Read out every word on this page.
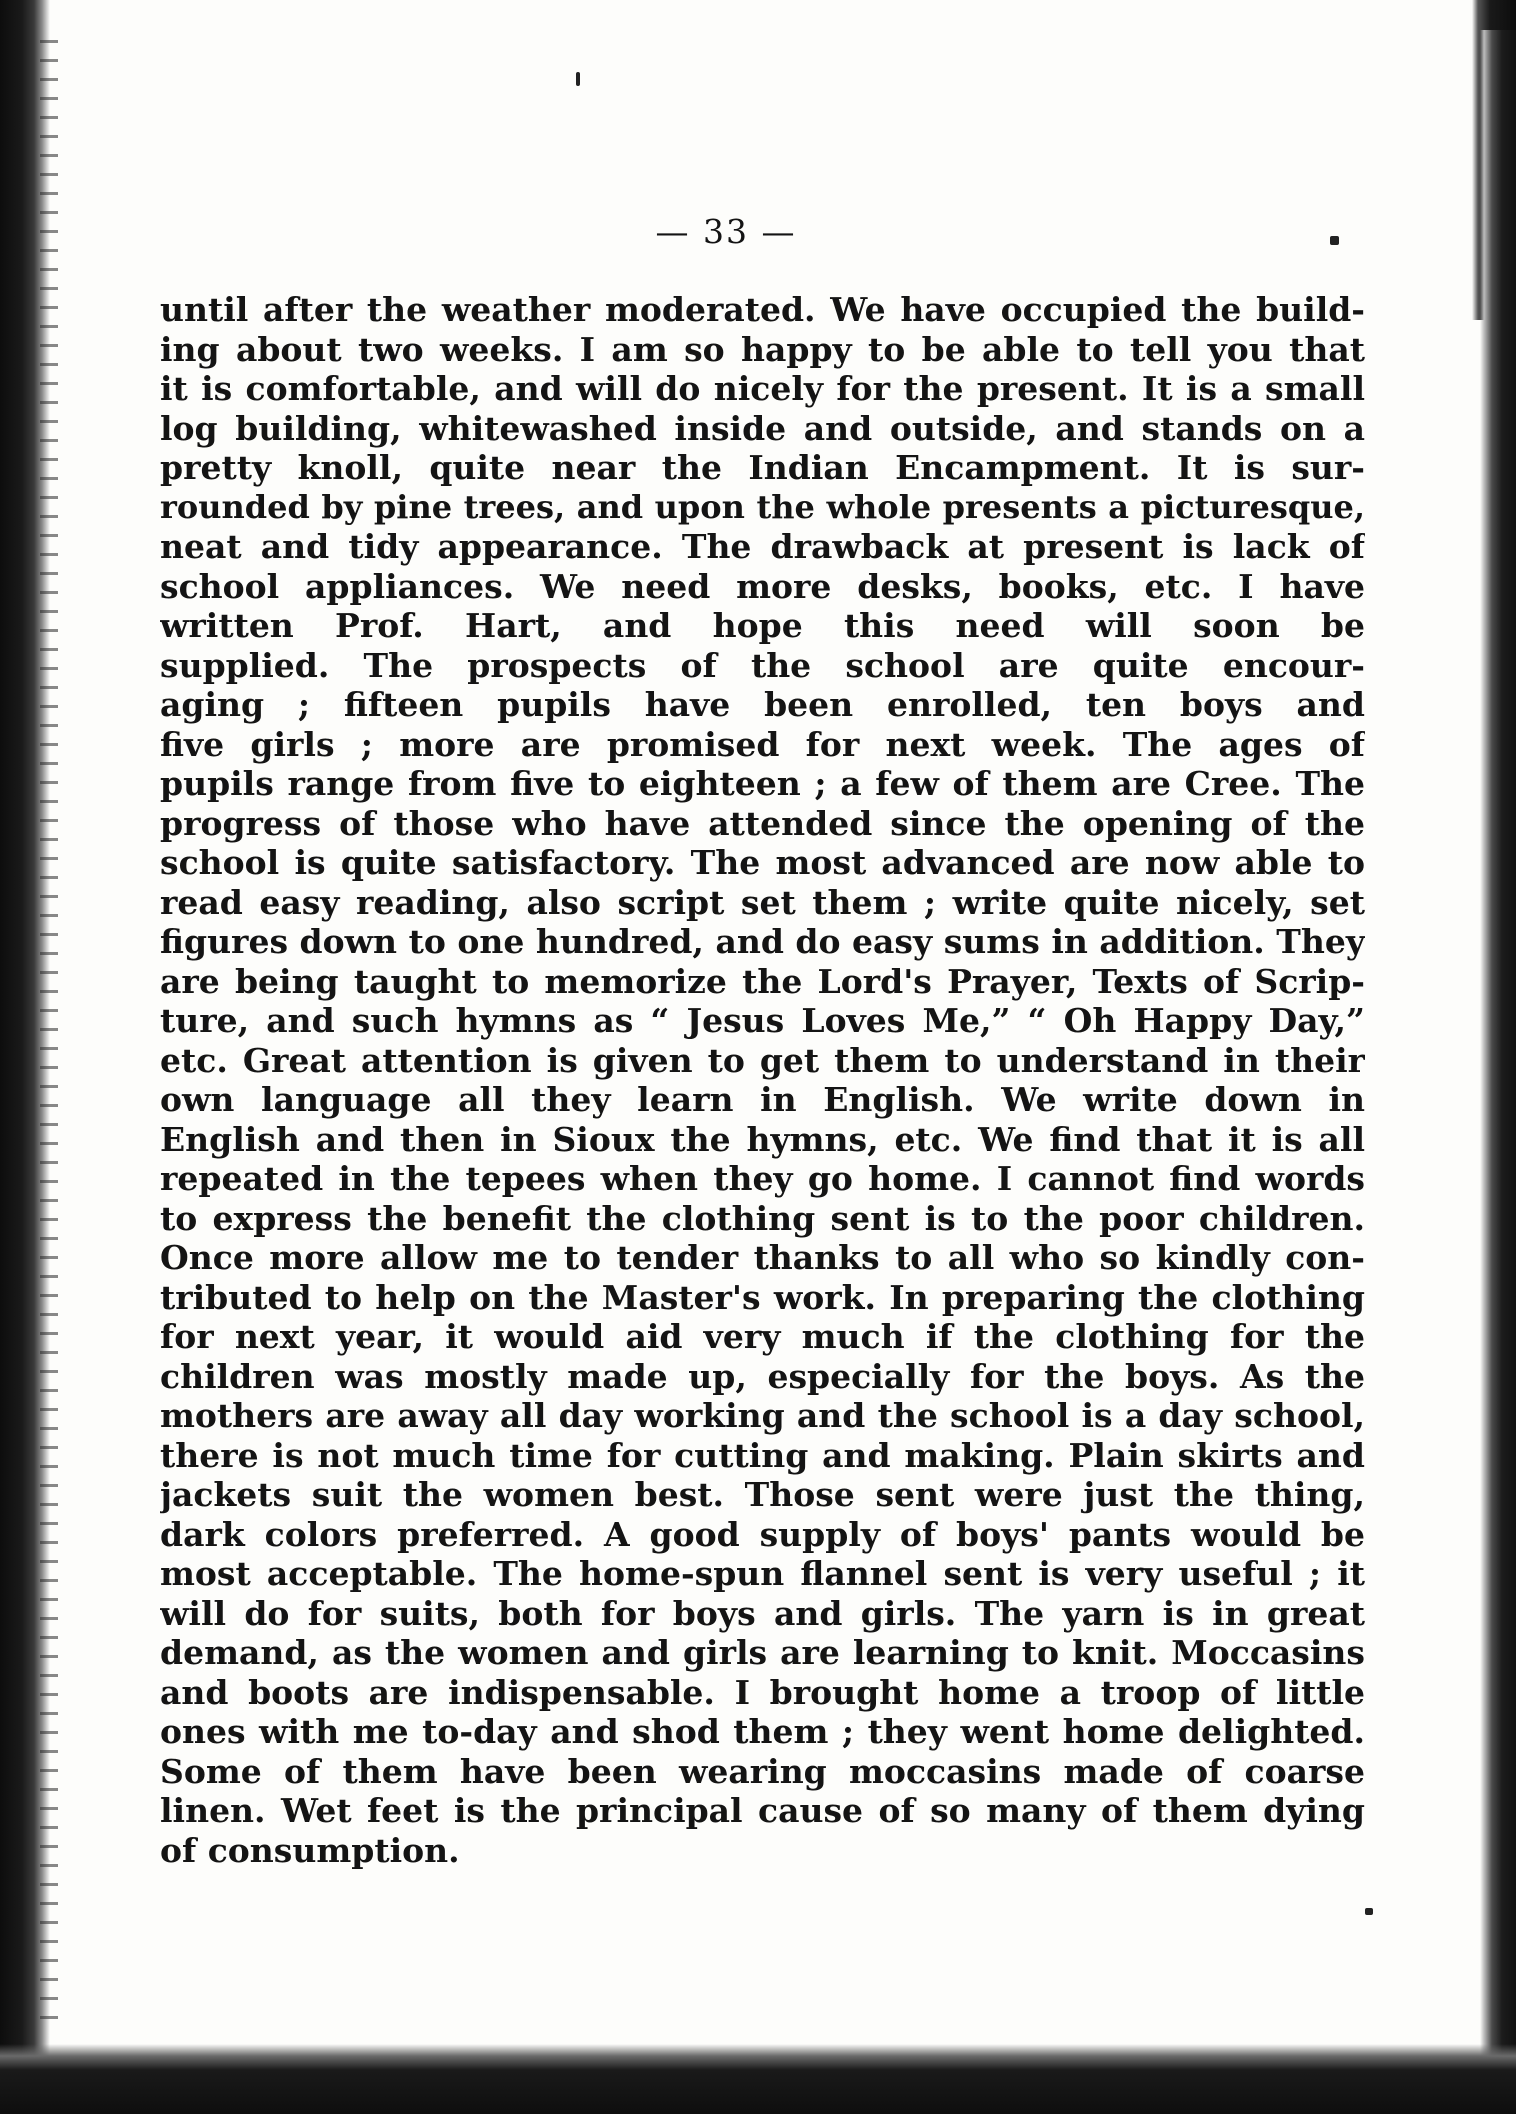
— 33 —
until after the weather moderated. We have occupied the build-
ing about two weeks. I am so happy to be able to tell you that
it is comfortable, and will do nicely for the present. It is a small
log building, whitewashed inside and outside, and stands on a
pretty knoll, quite near the Indian Encampment. It is sur-
rounded by pine trees, and upon the whole presents a picturesque,
neat and tidy appearance. The drawback at present is lack of
school appliances. We need more desks, books, etc. I have
written Prof. Hart, and hope this need will soon be
supplied. The prospects of the school are quite encour-
aging ; fifteen pupils have been enrolled, ten boys and
five girls ; more are promised for next week. The ages of
pupils range from five to eighteen ; a few of them are Cree. The
progress of those who have attended since the opening of the
school is quite satisfactory. The most advanced are now able to
read easy reading, also script set them ; write quite nicely, set
figures down to one hundred, and do easy sums in addition. They
are being taught to memorize the Lord's Prayer, Texts of Scrip-
ture, and such hymns as “ Jesus Loves Me,” “ Oh Happy Day,”
etc. Great attention is given to get them to understand in their
own language all they learn in English. We write down in
English and then in Sioux the hymns, etc. We find that it is all
repeated in the tepees when they go home. I cannot find words
to express the benefit the clothing sent is to the poor children.
Once more allow me to tender thanks to all who so kindly con-
tributed to help on the Master's work. In preparing the clothing
for next year, it would aid very much if the clothing for the
children was mostly made up, especially for the boys. As the
mothers are away all day working and the school is a day school,
there is not much time for cutting and making. Plain skirts and
jackets suit the women best. Those sent were just the thing,
dark colors preferred. A good supply of boys' pants would be
most acceptable. The home-spun flannel sent is very useful ; it
will do for suits, both for boys and girls. The yarn is in great
demand, as the women and girls are learning to knit. Moccasins
and boots are indispensable. I brought home a troop of little
ones with me to-day and shod them ; they went home delighted.
Some of them have been wearing moccasins made of coarse
linen. Wet feet is the principal cause of so many of them dying
of consumption.
